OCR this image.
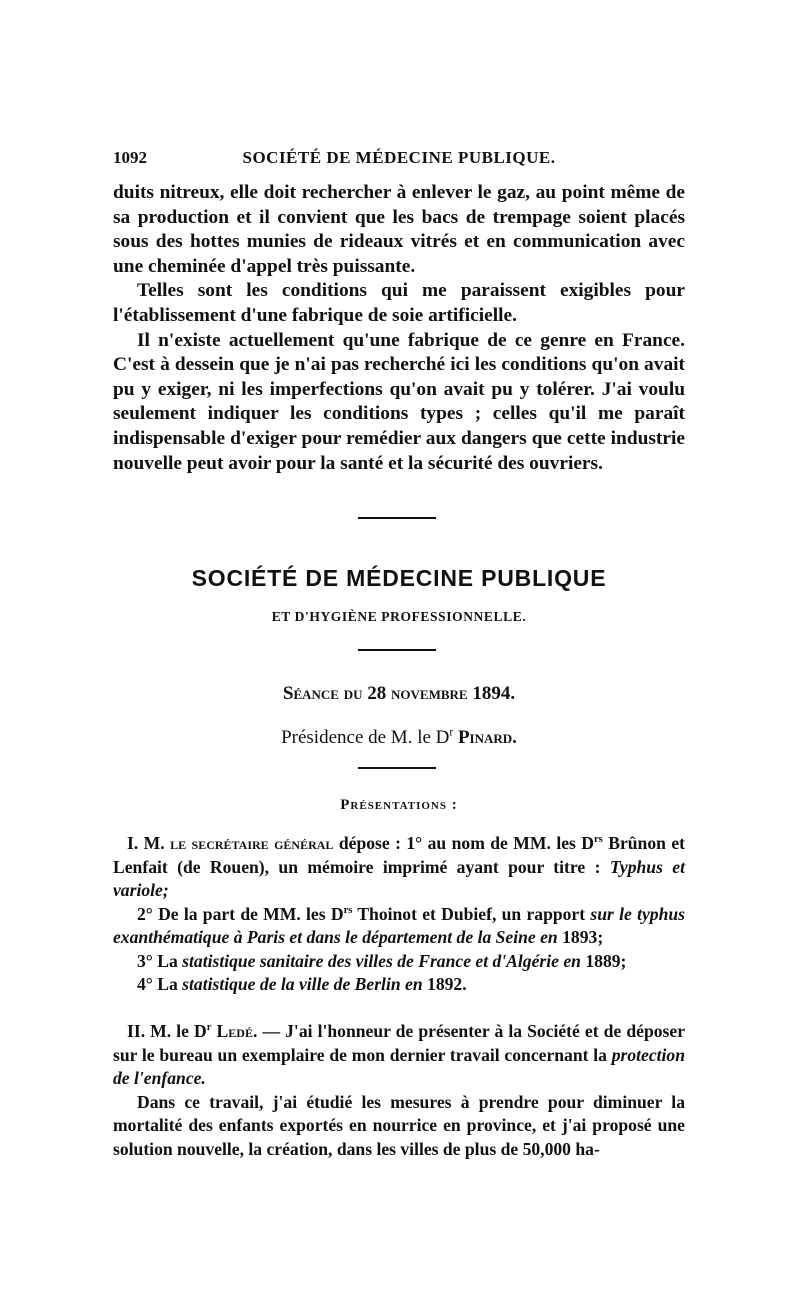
1092	SOCIÉTÉ DE MÉDECINE PUBLIQUE.

duits nitreux, elle doit rechercher à enlever le gaz, au point même de sa production et il convient que les bacs de trempage soient placés sous des hottes munies de rideaux vitrés et en communication avec une cheminée d'appel très puissante.

Telles sont les conditions qui me paraissent exigibles pour l'établissement d'une fabrique de soie artificielle.

Il n'existe actuellement qu'une fabrique de ce genre en France. C'est à dessein que je n'ai pas recherché ici les conditions qu'on avait pu y exiger, ni les imperfections qu'on avait pu y tolérer. J'ai voulu seulement indiquer les conditions types ; celles qu'il me paraît indispensable d'exiger pour remédier aux dangers que cette industrie nouvelle peut avoir pour la santé et la sécurité des ouvriers.

SOCIÉTÉ DE MÉDECINE PUBLIQUE
ET D'HYGIÈNE PROFESSIONNELLE.
Séance du 28 novembre 1894.
Présidence de M. le $D^r$ Pinard.
Présentations :

I. M. le secrétaire général dépose : 1° au nom de MM. les $D^{rs}$ Brûnon et Lenfait (de Rouen), un mémoire imprimé ayant pour titre : Typhus et variole;

2° De la part de MM. les $D^{rs}$ Thoinot et Dubief, un rapport sur le typhus exanthématique à Paris et dans le département de la Seine en 1893;

3° La statistique sanitaire des villes de France et d'Algérie en 1889;

4° La statistique de la ville de Berlin en 1892.

II. M. le $D^r$ Ledé. — J'ai l'honneur de présenter à la Société et de déposer sur le bureau un exemplaire de mon dernier travail concernant la protection de l'enfance.

Dans ce travail, j'ai étudié les mesures à prendre pour diminuer la mortalité des enfants exportés en nourrice en province, et j'ai proposé une solution nouvelle, la création, dans les villes de plus de 50,000 ha-
